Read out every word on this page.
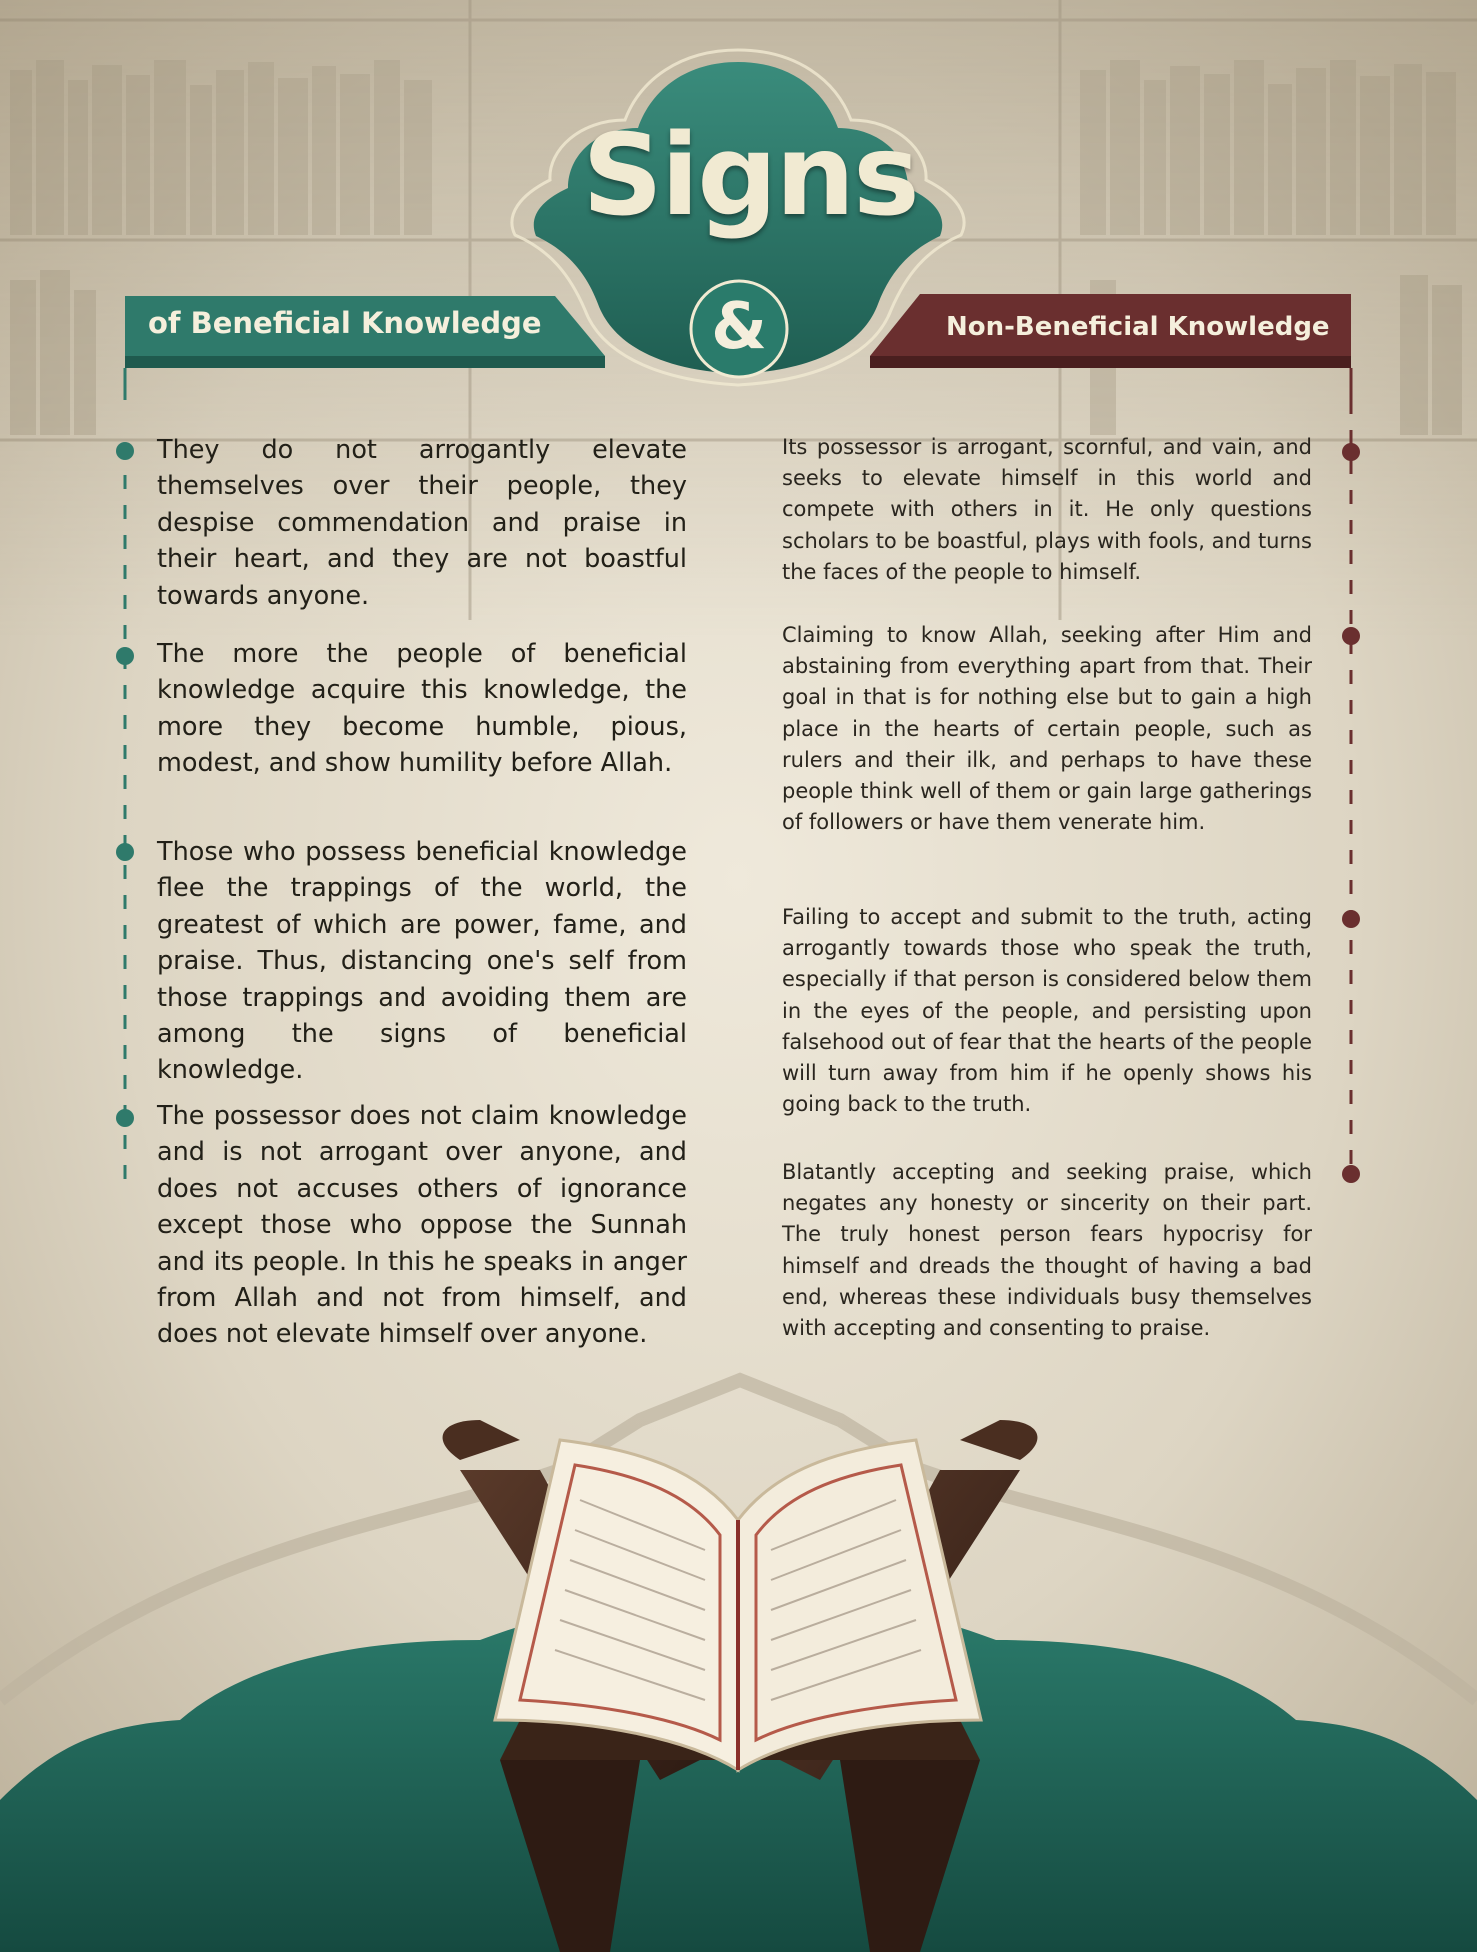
Signs
&
of Beneficial Knowledge	Non-Beneficial Knowledge
They do not arrogantly elevate themselves over their people, they despise commendation and praise in their heart, and they are not boastful towards anyone.
The more the people of beneficial knowledge acquire this knowledge, the more they become humble, pious, modest, and show humility before Allah.
Those who possess beneficial knowledge flee the trappings of the world, the greatest of which are power, fame, and praise. Thus, distancing one's self from those trappings and avoiding them are among the signs of beneficial knowledge.
The possessor does not claim knowledge and is not arrogant over anyone, and does not accuses others of ignorance except those who oppose the Sunnah and its people. In this he speaks in anger from Allah and not from himself, and does not elevate himself over anyone.
Its possessor is arrogant, scornful, and vain, and seeks to elevate himself in this world and compete with others in it. He only questions scholars to be boastful, plays with fools, and turns the faces of the people to himself.
Claiming to know Allah, seeking after Him and abstaining from everything apart from that. Their goal in that is for nothing else but to gain a high place in the hearts of certain people, such as rulers and their ilk, and perhaps to have these people think well of them or gain large gatherings of followers or have them venerate him.
Failing to accept and submit to the truth, acting arrogantly towards those who speak the truth, especially if that person is considered below them in the eyes of the people, and persisting upon falsehood out of fear that the hearts of the people will turn away from him if he openly shows his going back to the truth.
Blatantly accepting and seeking praise, which negates any honesty or sincerity on their part. The truly honest person fears hypocrisy for himself and dreads the thought of having a bad end, whereas these individuals busy themselves with accepting and consenting to praise.
